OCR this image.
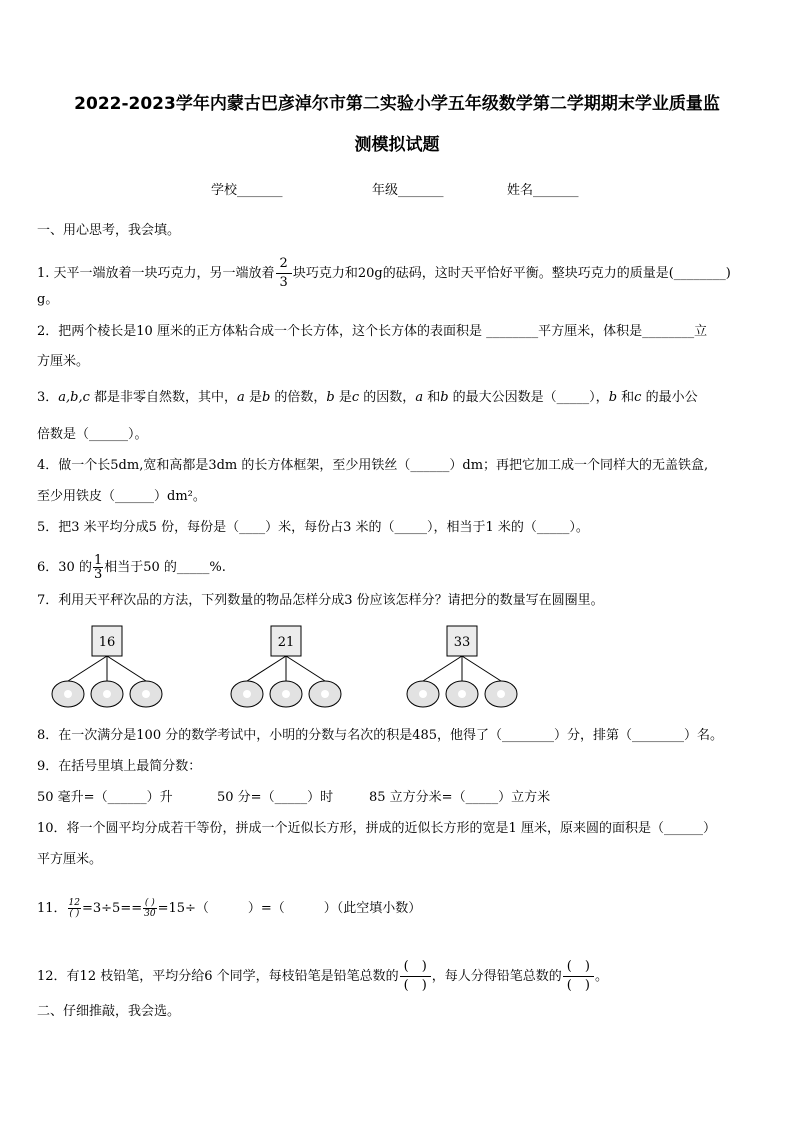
2022-2023学年内蒙古巴彦淖尔市第二实验小学五年级数学第二学期期末学业质量监
测模拟试题
学校_______	年级_______	姓名_______
一、用心思考，我会填。
1. 天平一端放着一块巧克力，另一端放着 $\frac{2}{3}$ 块巧克力和20g的砝码，这时天平恰好平衡。整块巧克力的质量是(________)
g。
2．把两个棱长是10 厘米的正方体粘合成一个长方体，这个长方体的表面积是 ________平方厘米，体积是________立
方厘米。
3．a,b,c 都是非零自然数，其中，a 是b 的倍数，b 是c 的因数，a 和b 的最大公因数是（_____），b 和c 的最小公
倍数是（______）。
4．做一个长5dm,宽和高都是3dm 的长方体框架，至少用铁丝（______）dm；再把它加工成一个同样大的无盖铁盒,
至少用铁皮（______）dm²。
5．把3 米平均分成5 份，每份是（____）米，每份占3 米的（_____），相当于1 米的（_____）。
6．30 的 $\frac{1}{3}$ 相当于50 的_____%.
7．利用天平秤次品的方法，下列数量的物品怎样分成3 份应该怎样分？请把分的数量写在圆圈里。
16	21	33
8．在一次满分是100 分的数学考试中，小明的分数与名次的积是485，他得了（________）分，排第（________）名。
9．在括号里填上最简分数：
50 毫升=（______）升	50 分=（_____）时	85 立方分米=（_____）立方米
10．将一个圆平均分成若干等份，拼成一个近似长方形，拼成的近似长方形的宽是1 厘米，原来圆的面积是（______）
平方厘米。
11． $\frac{12}{( )} =3\div 5== \frac{( )}{30} =15\div$（　　　）=（　　　）（此空填小数）
12．有12 枝铅笔，平均分给6 个同学，每枝铅笔是铅笔总数的 $\frac{( )}{( )}$ ，每人分得铅笔总数的 $\frac{( )}{( )}$ 。
二、仔细推敲，我会选。
